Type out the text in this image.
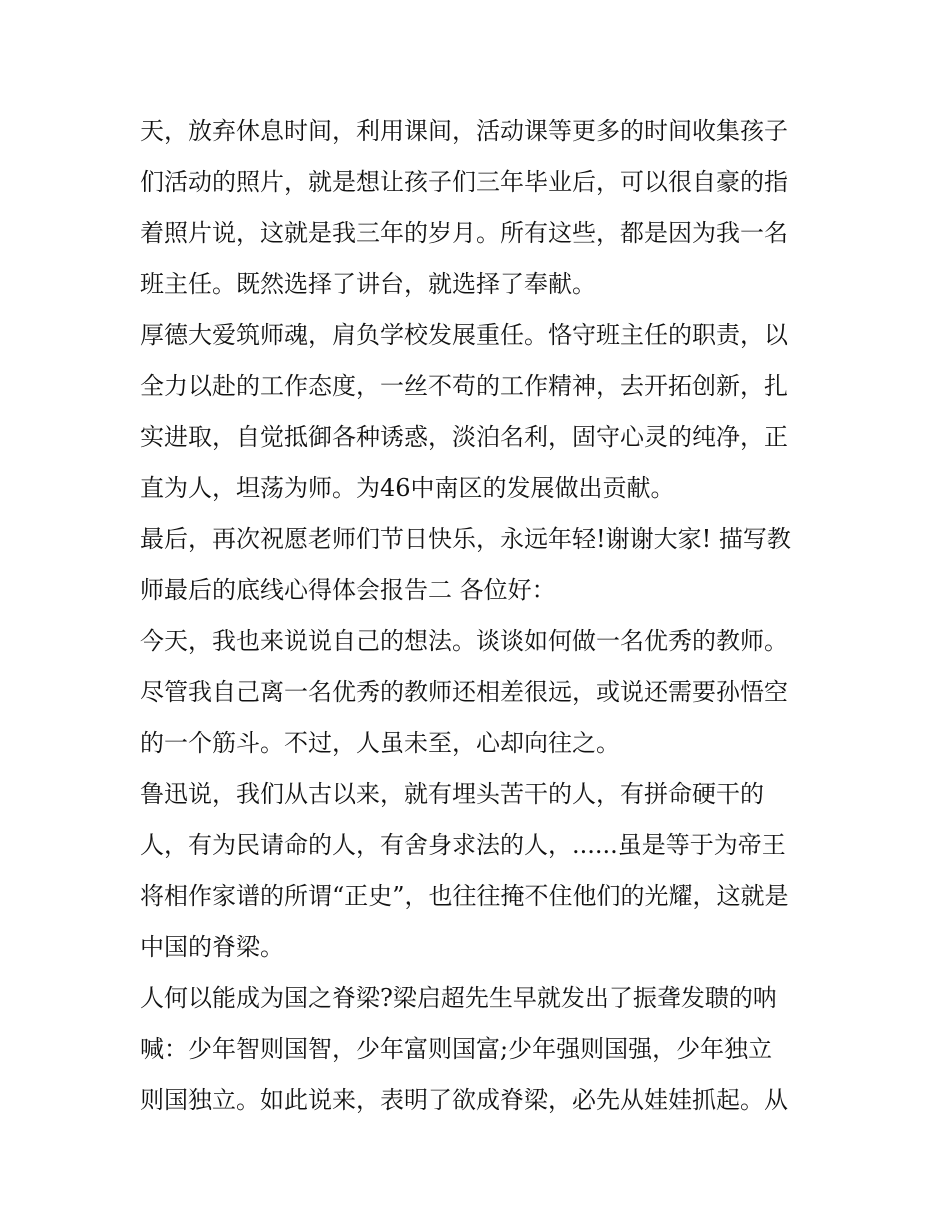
天，放弃休息时间，利用课间，活动课等更多的时间收集孩子
们活动的照片，就是想让孩子们三年毕业后，可以很自豪的指
着照片说，这就是我三年的岁月。所有这些，都是因为我一名
班主任。既然选择了讲台，就选择了奉献。
厚德大爱筑师魂，肩负学校发展重任。恪守班主任的职责，以
全力以赴的工作态度，一丝不苟的工作精神，去开拓创新，扎
实进取，自觉抵御各种诱惑，淡泊名利，固守心灵的纯净，正
直为人，坦荡为师。为46中南区的发展做出贡献。
最后，再次祝愿老师们节日快乐，永远年轻!谢谢大家! 描写教
师最后的底线心得体会报告二 各位好：
今天，我也来说说自己的想法。谈谈如何做一名优秀的教师。
尽管我自己离一名优秀的教师还相差很远，或说还需要孙悟空
的一个筋斗。不过，人虽未至，心却向往之。
鲁迅说，我们从古以来，就有埋头苦干的人，有拼命硬干的
人，有为民请命的人，有舍身求法的人，......虽是等于为帝王
将相作家谱的所谓“正史”，也往往掩不住他们的光耀，这就是
中国的脊梁。
人何以能成为国之脊梁?梁启超先生早就发出了振聋发聩的呐
喊：少年智则国智，少年富则国富;少年强则国强，少年独立
则国独立。如此说来，表明了欲成脊梁，必先从娃娃抓起。从
